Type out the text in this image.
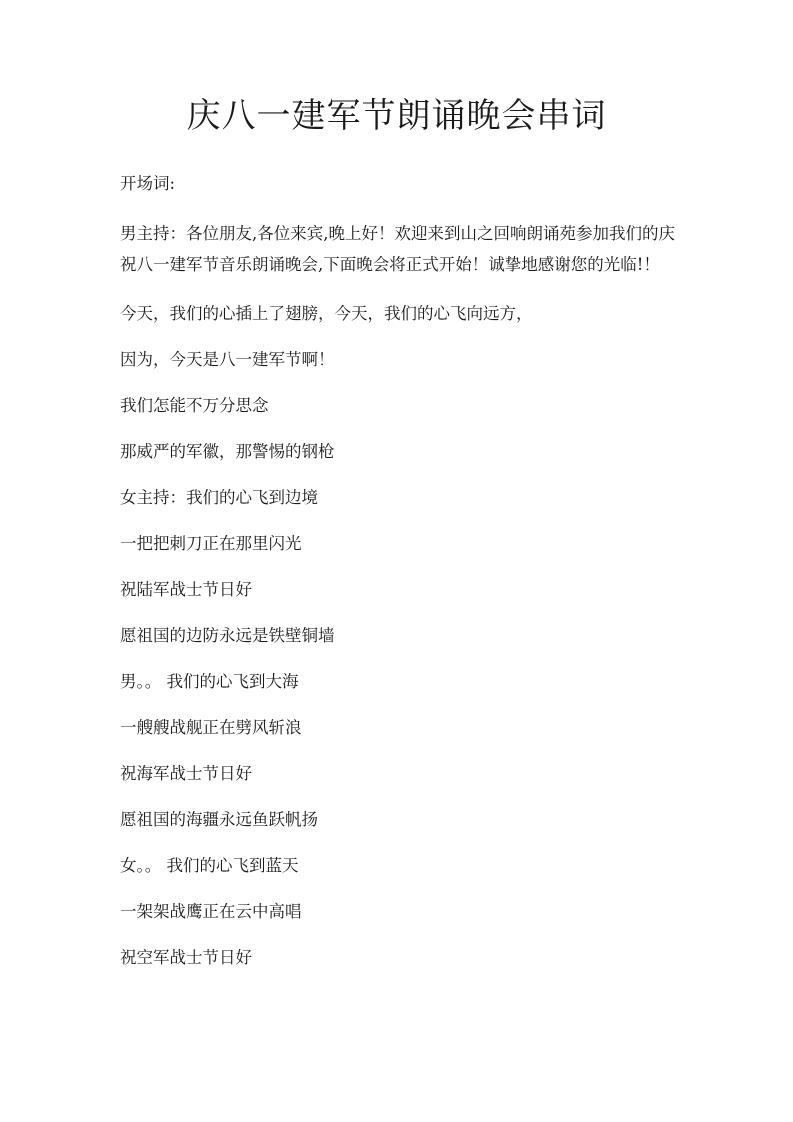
庆八一建军节朗诵晚会串词

开场词:

男主持：各位朋友,各位来宾,晚上好！欢迎来到山之回响朗诵苑参加我们的庆祝八一建军节音乐朗诵晚会,下面晚会将正式开始！诚挚地感谢您的光临!！

今天，我们的心插上了翅膀，今天，我们的心飞向远方，

因为，今天是八一建军节啊！

我们怎能不万分思念

那威严的军徽，那警惕的钢枪

女主持：我们的心飞到边境

一把把刺刀正在那里闪光

祝陆军战士节日好

愿祖国的边防永远是铁壁铜墙

男。。 我们的心飞到大海

一艘艘战舰正在劈风斩浪

祝海军战士节日好

愿祖国的海疆永远鱼跃帆扬

女。。 我们的心飞到蓝天

一架架战鹰正在云中高唱

祝空军战士节日好
